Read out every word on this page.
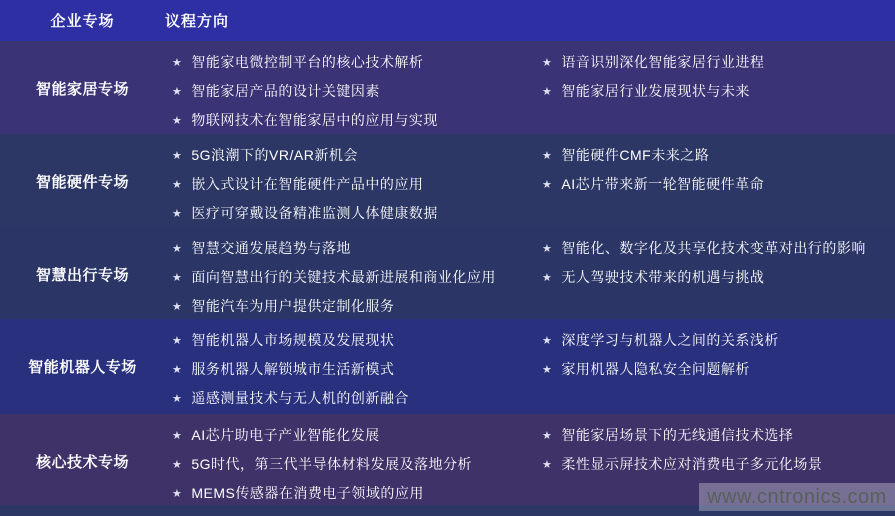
企业专场	议程方向
智能家居专场
★ 智能家电微控制平台的核心技术解析
★ 智能家居产品的设计关键因素
★ 物联网技术在智能家居中的应用与实现
★ 语音识别深化智能家居行业进程
★ 智能家居行业发展现状与未来
智能硬件专场
★ 5G浪潮下的VR/AR新机会
★ 嵌入式设计在智能硬件产品中的应用
★ 医疗可穿戴设备精准监测人体健康数据
★ 智能硬件CMF未来之路
★ AI芯片带来新一轮智能硬件革命
智慧出行专场
★ 智慧交通发展趋势与落地
★ 面向智慧出行的关键技术最新进展和商业化应用
★ 智能汽车为用户提供定制化服务
★ 智能化、数字化及共享化技术变革对出行的影响
★ 无人驾驶技术带来的机遇与挑战
智能机器人专场
★ 智能机器人市场规模及发展现状
★ 服务机器人解锁城市生活新模式
★ 遥感测量技术与无人机的创新融合
★ 深度学习与机器人之间的关系浅析
★ 家用机器人隐私安全问题解析
核心技术专场
★ AI芯片助电子产业智能化发展
★ 5G时代，第三代半导体材料发展及落地分析
★ MEMS传感器在消费电子领域的应用
★ 智能家居场景下的无线通信技术选择
★ 柔性显示屏技术应对消费电子多元化场景
www.cntronics.com
